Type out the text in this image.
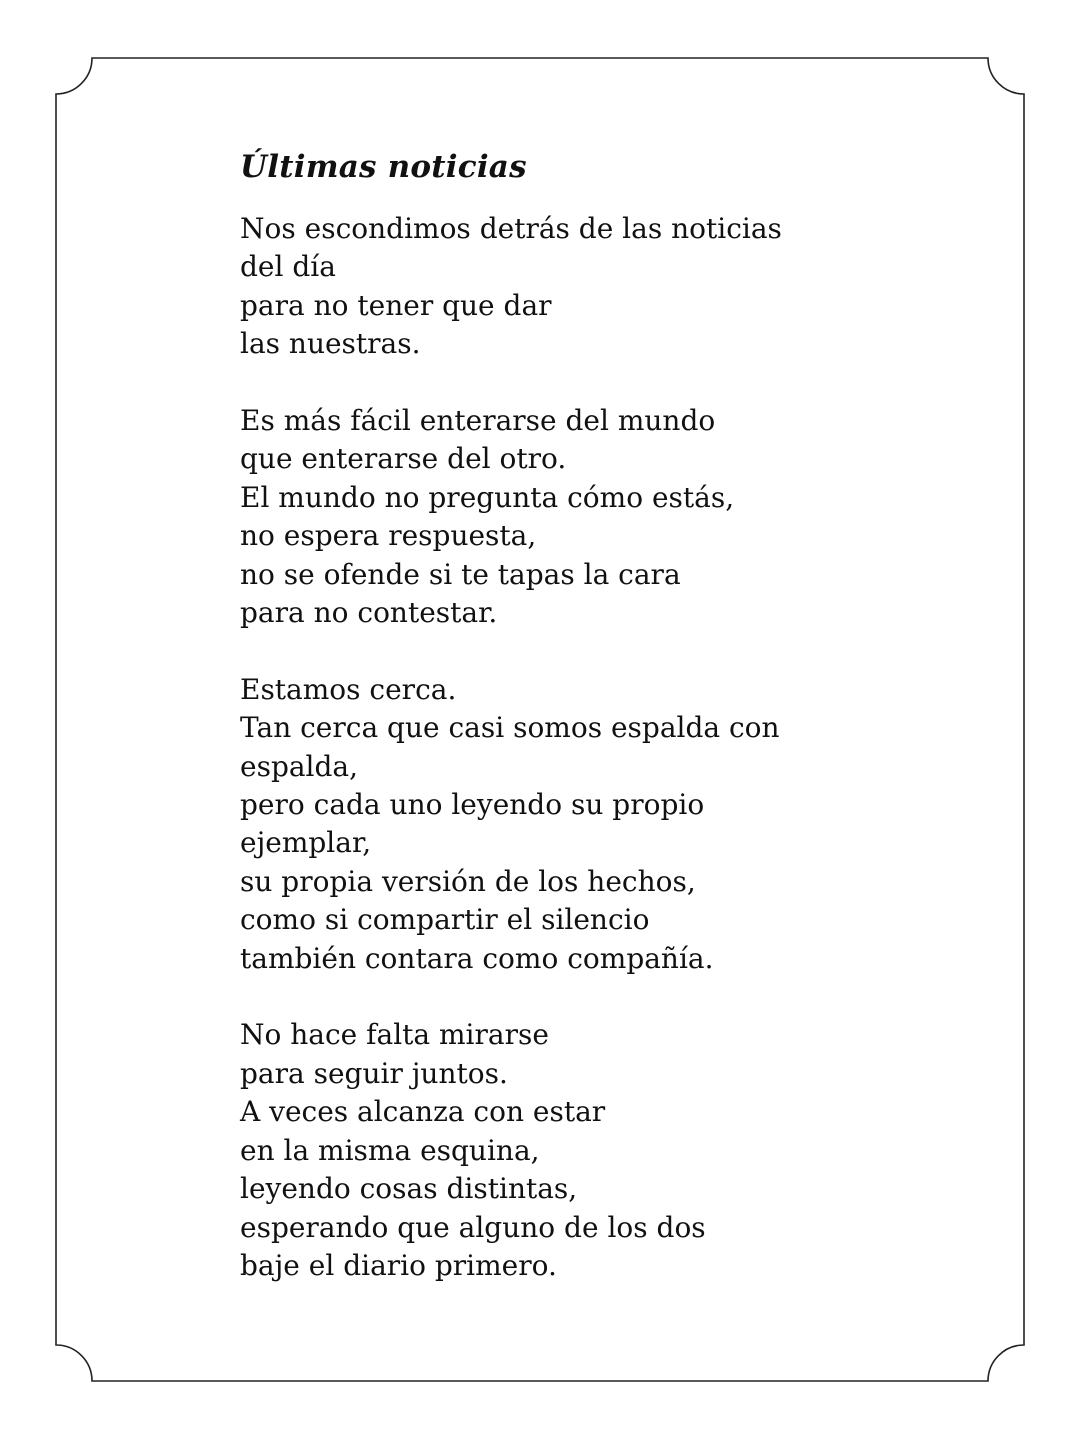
Últimas noticias
Nos escondimos detrás de las noticias
del día
para no tener que dar
las nuestras.
Es más fácil enterarse del mundo
que enterarse del otro.
El mundo no pregunta cómo estás,
no espera respuesta,
no se ofende si te tapas la cara
para no contestar.
Estamos cerca.
Tan cerca que casi somos espalda con
espalda,
pero cada uno leyendo su propio
ejemplar,
su propia versión de los hechos,
como si compartir el silencio
también contara como compañía.
No hace falta mirarse
para seguir juntos.
A veces alcanza con estar
en la misma esquina,
leyendo cosas distintas,
esperando que alguno de los dos
baje el diario primero.
